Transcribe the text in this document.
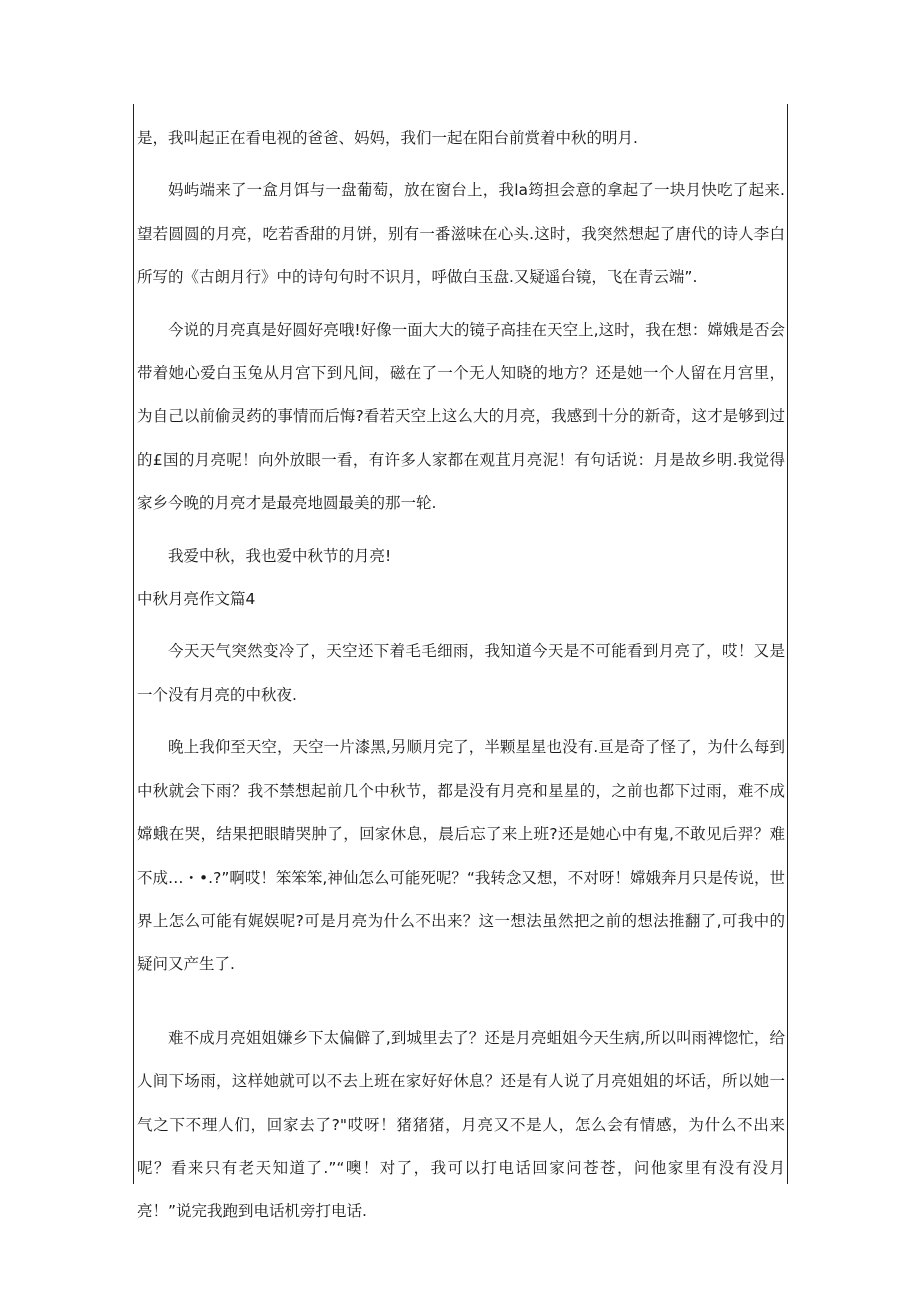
是，我叫起正在看电视的爸爸、妈妈，我们一起在阳台前赏着中秋的明月.

妈屿端来了一盒月饵与一盘葡萄，放在窗台上，我la筠担会意的拿起了一块月快吃了起来.望若圆圆的月亮，吃若香甜的月饼，别有一番滋味在心头.这时，我突然想起了唐代的诗人李白所写的《古朗月行》中的诗句句时不识月，呼做白玉盘.又疑遥台镜，飞在青云端”.

今说的月亮真是好圆好亮哦!好像一面大大的镜子高挂在天空上,这时，我在想：嫦娥是否会带着她心爱白玉兔从月宫下到凡间，磁在了一个无人知晓的地方？还是她一个人留在月宫里，为自己以前偷灵药的事情而后悔?看若天空上这么大的月亮，我感到十分的新奇，这才是够到过的£国的月亮呢！向外放眼一看，有许多人家都在观苴月亮泥！有句话说：月是故乡明.我觉得家乡今晚的月亮才是最亮地圆最美的那一轮.

我爱中秋，我也爱中秋节的月亮!

中秋月亮作文篇4

今天天气突然变冷了，天空还下着毛毛细雨，我知道今天是不可能看到月亮了，哎！又是一个没有月亮的中秋夜.

晚上我仰至天空，天空一片漆黑,另顺月完了，半颗星星也没有.亘是奇了怪了，为什么每到中秋就会下雨？我不禁想起前几个中秋节，都是没有月亮和星星的，之前也都下过雨，难不成嫦蛾在哭，结果把眼睛哭肿了，回家休息，晨后忘了来上班?还是她心中有鬼,不敢见后羿？难不成…・•.?”啊哎！笨笨笨,神仙怎么可能死呢？“我转念又想，不对呀！嫦娥奔月只是传说，世界上怎么可能有娓娱呢?可是月亮为什么不出来？这一想法虽然把之前的想法推翻了,可我中的疑问又产生了.

难不成月亮姐姐嫌乡下太偏僻了,到城里去了？还是月亮蛆姐今天生病,所以叫雨裨惚忙，给人间下场雨，这样她就可以不去上班在家好好休息？还是有人说了月亮姐姐的坏话，所以她一气之下不理人们，回家去了?"哎呀！猪猪猪，月亮又不是人，怎么会有情感，为什么不出来呢？看来只有老天知道了.”“噢！对了，我可以打电话回家问苍苍，问他家里有没有没月亮！”说完我跑到电话机旁打电话.
